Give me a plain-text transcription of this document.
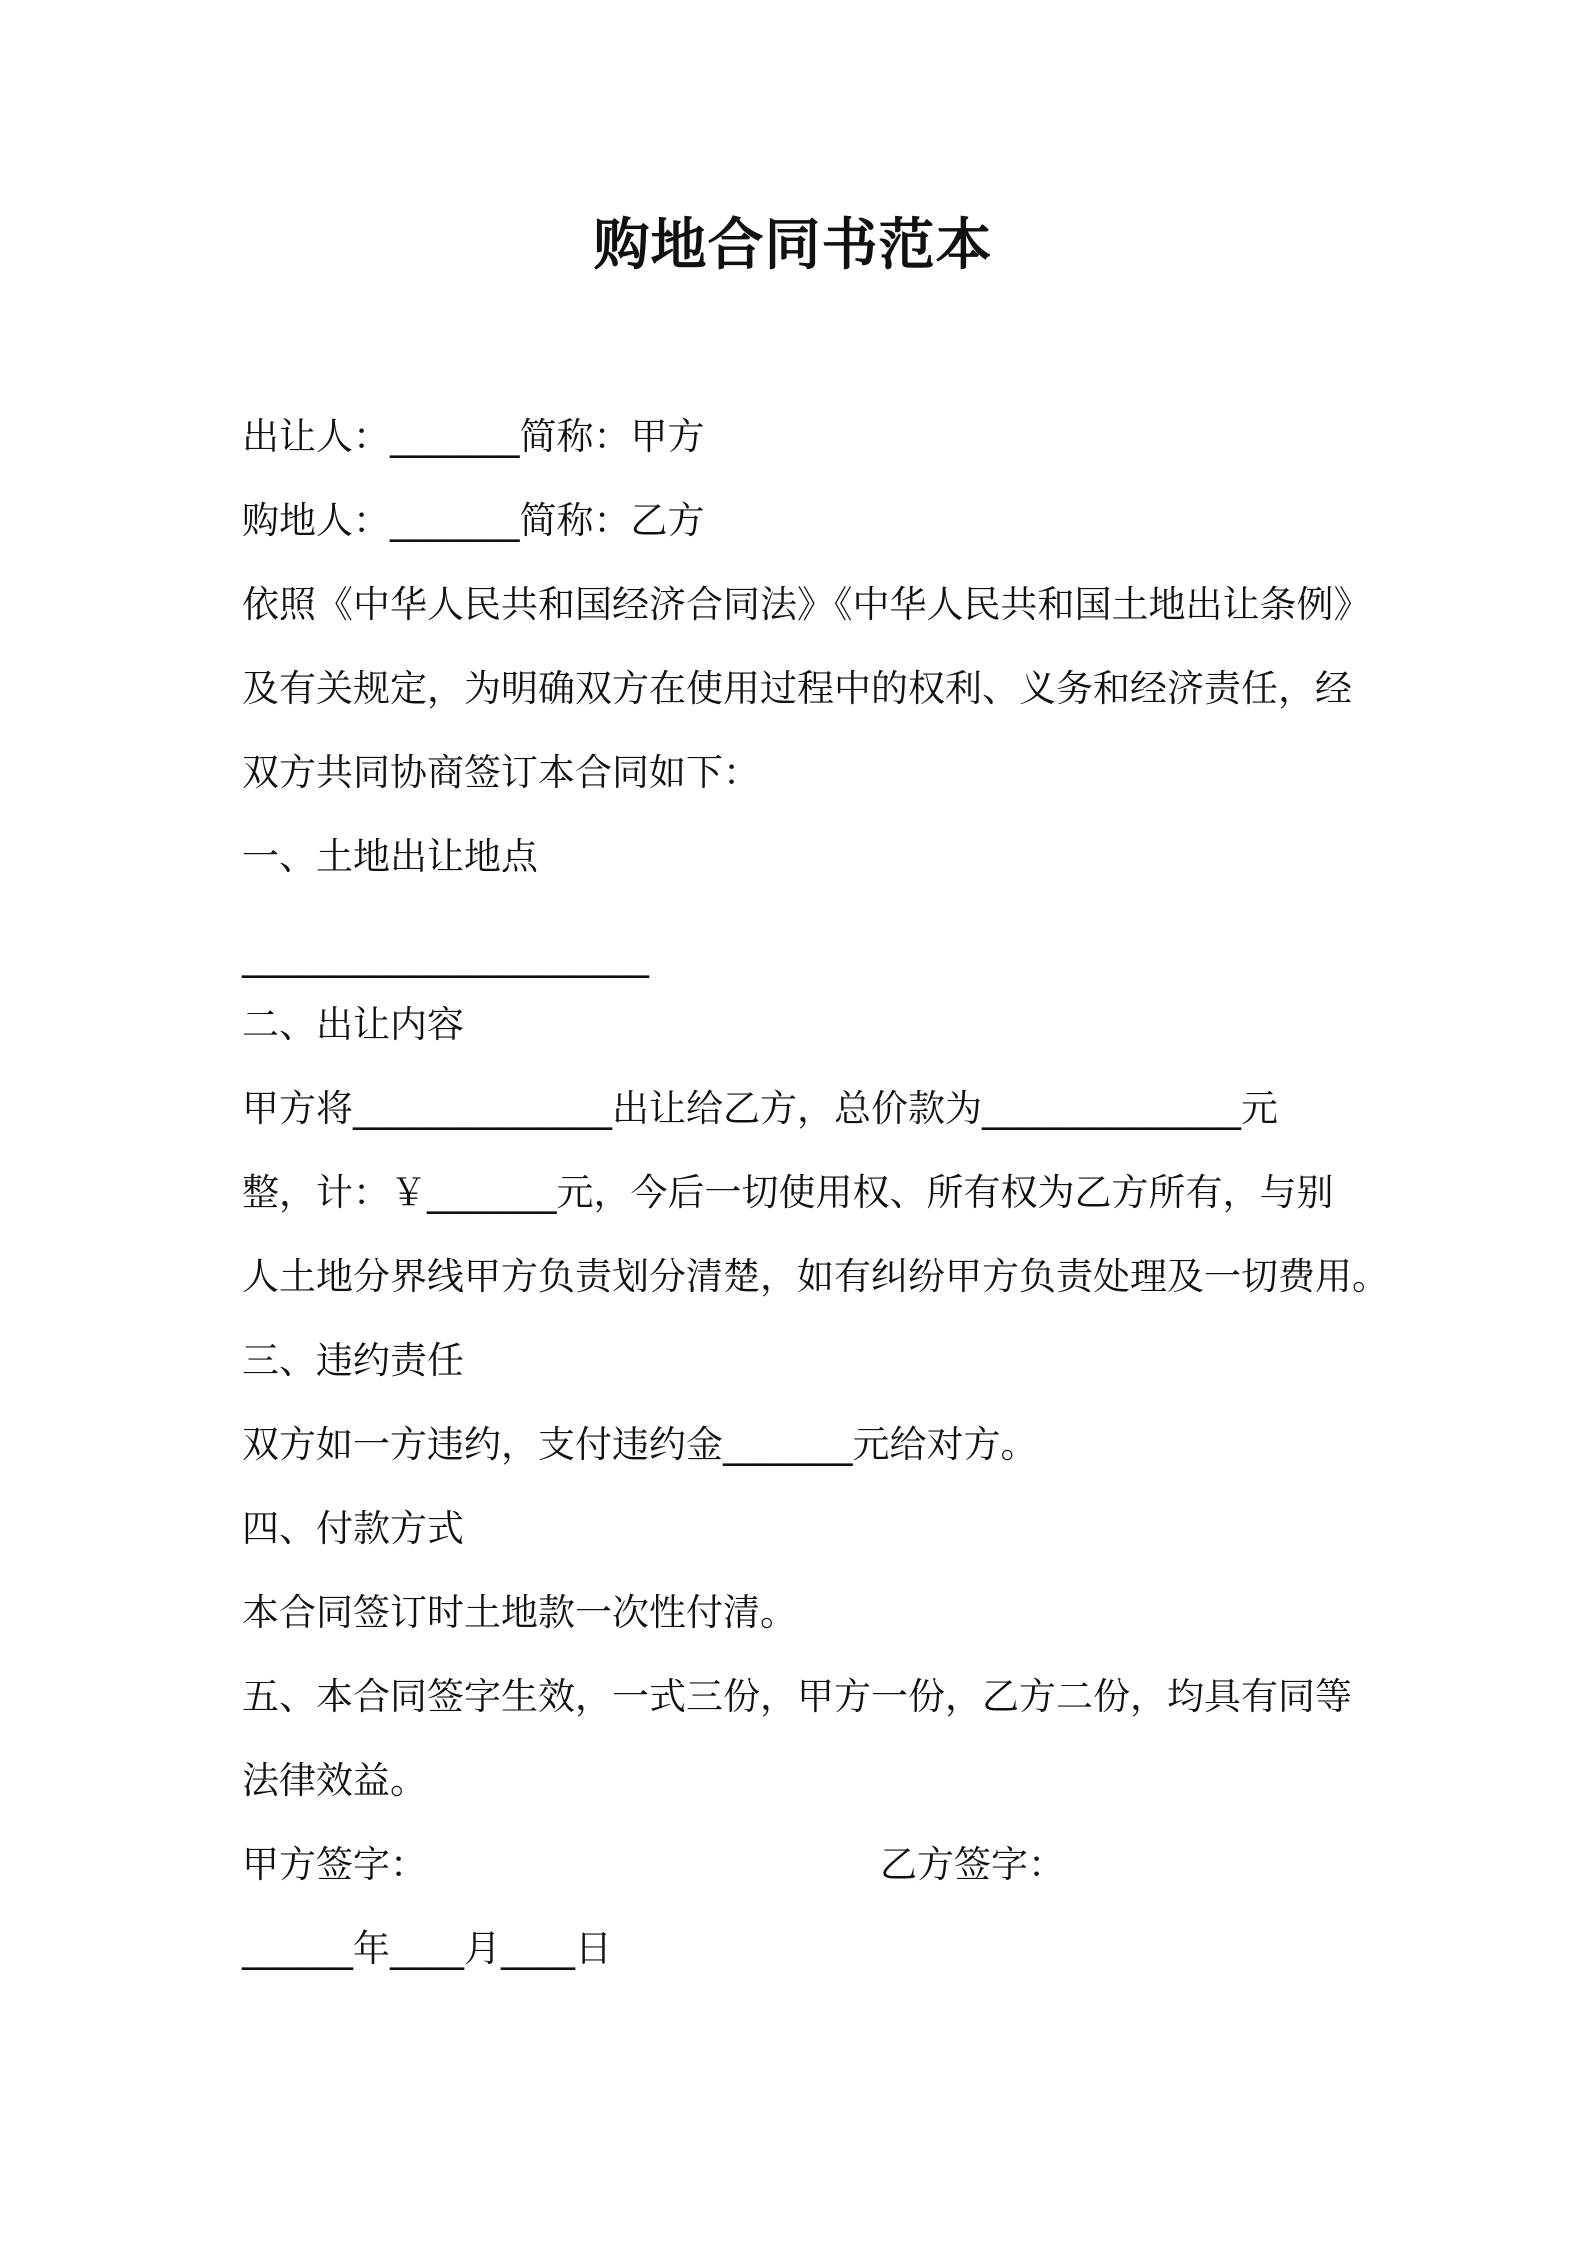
购地合同书范本
出让人：_______简称：甲方
购地人：_______简称：乙方
依照《中华人民共和国经济合同法》《中华人民共和国土地出让条例》
及有关规定，为明确双方在使用过程中的权利、义务和经济责任，经
双方共同协商签订本合同如下：
一、土地出让地点
______________________
二、出让内容
甲方将______________出让给乙方，总价款为______________元
整，计：￥_______元，今后一切使用权、所有权为乙方所有，与别
人土地分界线甲方负责划分清楚，如有纠纷甲方负责处理及一切费用。
三、违约责任
双方如一方违约，支付违约金_______元给对方。
四、付款方式
本合同签订时土地款一次性付清。
五、本合同签字生效，一式三份，甲方一份，乙方二份，均具有同等
法律效益。
甲方签字：	乙方签字：
______年____月____日
